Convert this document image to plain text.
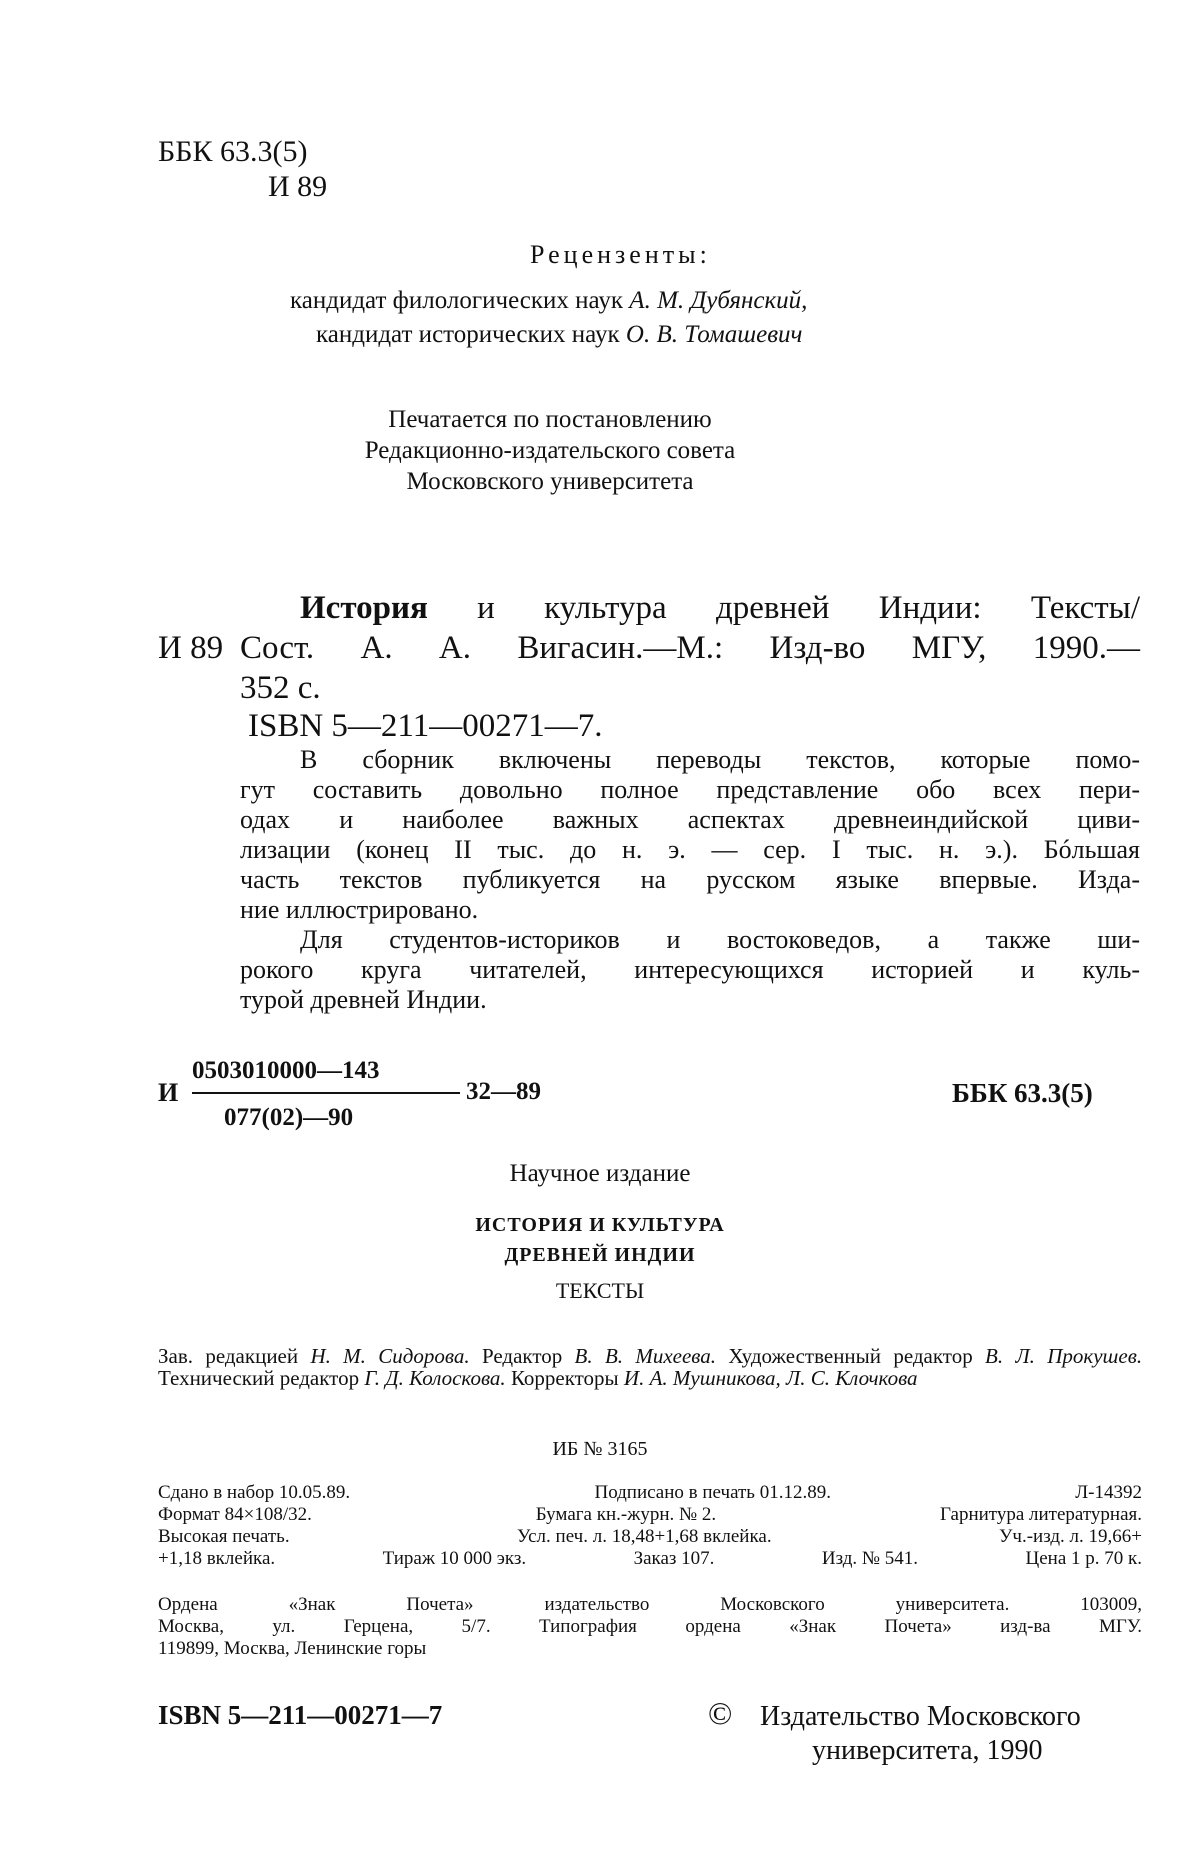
ББК 63.3(5)
И 89
Рецензенты:
кандидат филологических наук А. М. Дубянский,
кандидат исторических наук О. В. Томашевич
Печатается по постановлению
Редакционно-издательского совета
Московского университета
История и культура древней Индии: Тексты/
И 89 Сост. А. А. Вигасин.—М.: Изд-во МГУ, 1990.—
352 с.
ISBN 5—211—00271—7.
В сборник включены переводы текстов, которые помо-
гут составить довольно полное представление обо всех пери-
одах и наиболее важных аспектах древнеиндийской циви-
лизации (конец II тыс. до н. э. — сер. I тыс. н. э.). Бóльшая
часть текстов публикуется на русском языке впервые. Изда-
ние иллюстрировано.
Для студентов-историков и востоковедов, а также ши-
рокого круга читателей, интересующихся историей и куль-
турой древней Индии.
И
0503010000—143
077(02)—90
32—89	ББК 63.3(5)
Научное издание
ИСТОРИЯ И КУЛЬТУРА
ДРЕВНЕЙ ИНДИИ
ТЕКСТЫ
Зав. редакцией Н. М. Сидорова. Редактор В. В. Михеева. Художественный редактор В. Л. Прокушев. Технический редактор Г. Д. Колоскова. Корректоры И. А. Мушникова, Л. С. Клочкова
ИБ № 3165
Сдано в набор 10.05.89.	Подписано в печать 01.12.89.	Л-14392
Формат 84×108/32.	Бумага кн.-журн. № 2.	Гарнитура литературная.
Высокая печать.	Усл. печ. л. 18,48+1,68 вклейка.	Уч.-изд. л. 19,66+
+1,18 вклейка.	Тираж 10 000 экз.	Заказ 107.	Изд. № 541.	Цена 1 р. 70 к.
Ордена «Знак Почета» издательство Московского университета. 103009,
Москва, ул. Герцена, 5/7. Типография ордена «Знак Почета» изд-ва МГУ.
119899, Москва, Ленинские горы
ISBN 5—211—00271—7	© Издательство Московского
университета, 1990
